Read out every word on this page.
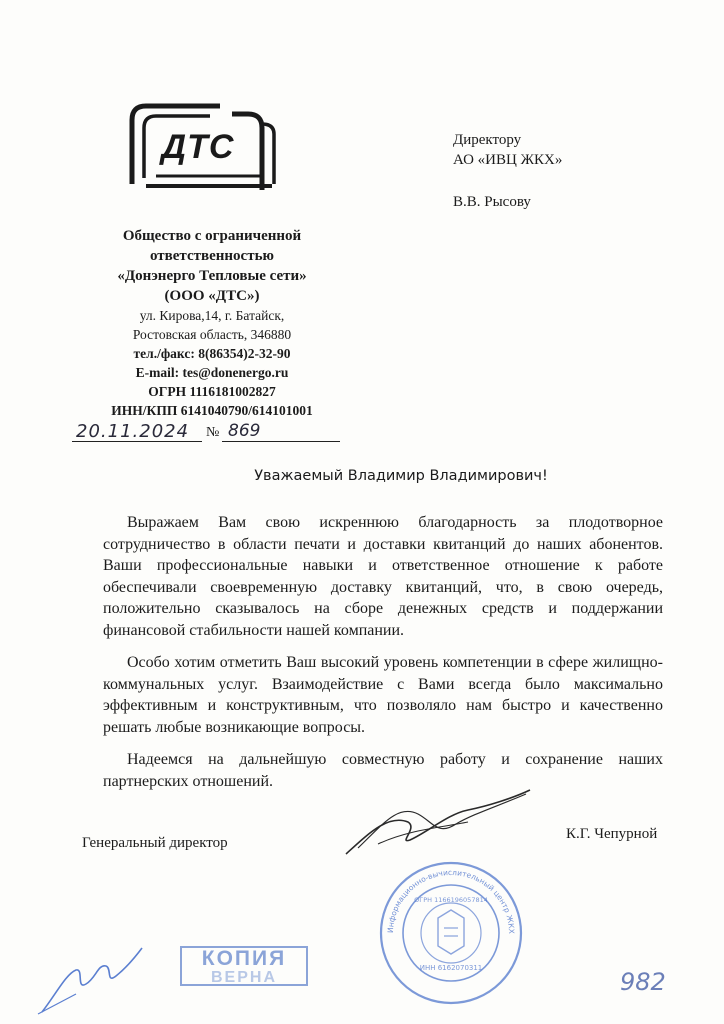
ДТС
Общество с ограниченной
ответственностью
«Донэнерго Тепловые сети»
(ООО «ДТС»)
ул. Кирова,14, г. Батайск,
Ростовская область, 346880
тел./факс: 8(86354)2-32-90
E-mail: tes@donenergo.ru
ОГРН 1116181002827
ИНН/КПП 6141040790/614101001
Директору
АО «ИВЦ ЖКХ»
В.В. Рысову
20.11.2024 № 869
Уважаемый Владимир Владимирович!

Выражаем Вам свою искреннюю благодарность за плодотворное сотрудничество в области печати и доставки квитанций до наших абонентов. Ваши профессиональные навыки и ответственное отношение к работе обеспечивали своевременную доставку квитанций, что, в свою очередь, положительно сказывалось на сборе денежных средств и поддержании финансовой стабильности нашей компании.

Особо хотим отметить Ваш высокий уровень компетенции в сфере жилищно-коммунальных услуг. Взаимодействие с Вами всегда было максимально эффективным и конструктивным, что позволяло нам быстро и качественно решать любые возникающие вопросы.

Надеемся на дальнейшую совместную работу и сохранение наших партнерских отношений.

Генеральный директор
К.Г. Чепурной
Информационно-вычислительный центр ЖКХ
ИНН 6162070311
ОГРН 1166196057814
КОПИЯ
ВЕРНА	982
